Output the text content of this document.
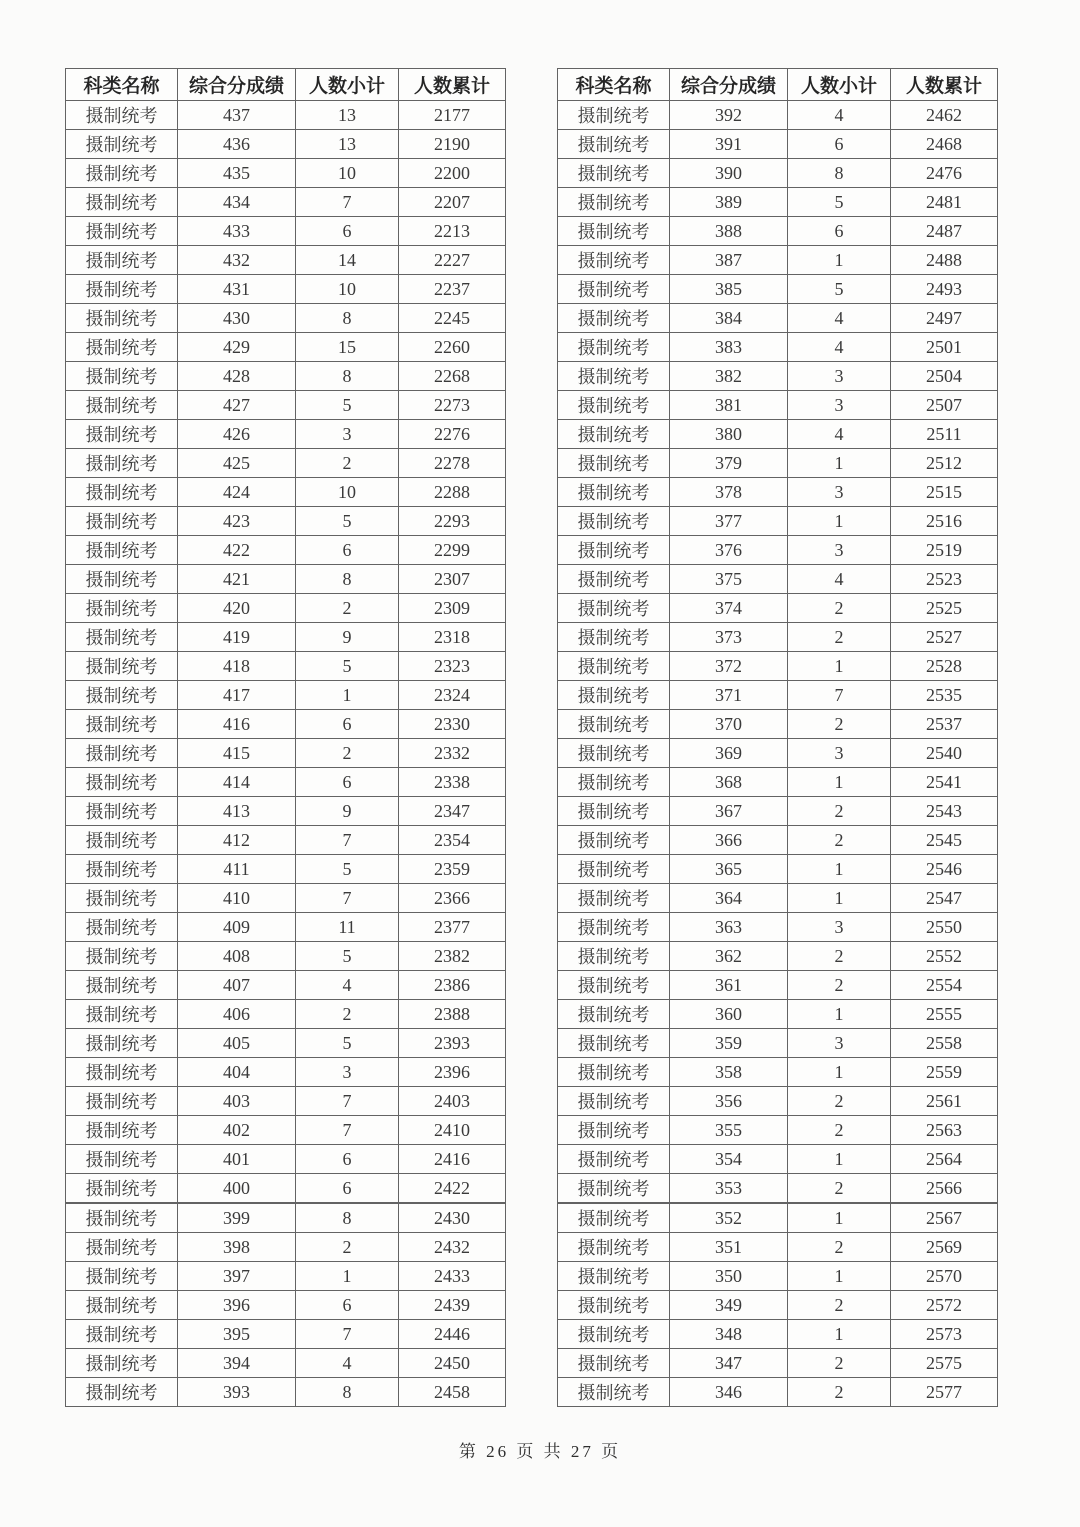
科类名称	综合分成绩	人数小计	人数累计
摄制统考	437	13	2177
摄制统考	436	13	2190
摄制统考	435	10	2200
摄制统考	434	7	2207
摄制统考	433	6	2213
摄制统考	432	14	2227
摄制统考	431	10	2237
摄制统考	430	8	2245
摄制统考	429	15	2260
摄制统考	428	8	2268
摄制统考	427	5	2273
摄制统考	426	3	2276
摄制统考	425	2	2278
摄制统考	424	10	2288
摄制统考	423	5	2293
摄制统考	422	6	2299
摄制统考	421	8	2307
摄制统考	420	2	2309
摄制统考	419	9	2318
摄制统考	418	5	2323
摄制统考	417	1	2324
摄制统考	416	6	2330
摄制统考	415	2	2332
摄制统考	414	6	2338
摄制统考	413	9	2347
摄制统考	412	7	2354
摄制统考	411	5	2359
摄制统考	410	7	2366
摄制统考	409	11	2377
摄制统考	408	5	2382
摄制统考	407	4	2386
摄制统考	406	2	2388
摄制统考	405	5	2393
摄制统考	404	3	2396
摄制统考	403	7	2403
摄制统考	402	7	2410
摄制统考	401	6	2416
摄制统考	400	6	2422
摄制统考	399	8	2430
摄制统考	398	2	2432
摄制统考	397	1	2433
摄制统考	396	6	2439
摄制统考	395	7	2446
摄制统考	394	4	2450
摄制统考	393	8	2458
科类名称	综合分成绩	人数小计	人数累计
摄制统考	392	4	2462
摄制统考	391	6	2468
摄制统考	390	8	2476
摄制统考	389	5	2481
摄制统考	388	6	2487
摄制统考	387	1	2488
摄制统考	385	5	2493
摄制统考	384	4	2497
摄制统考	383	4	2501
摄制统考	382	3	2504
摄制统考	381	3	2507
摄制统考	380	4	2511
摄制统考	379	1	2512
摄制统考	378	3	2515
摄制统考	377	1	2516
摄制统考	376	3	2519
摄制统考	375	4	2523
摄制统考	374	2	2525
摄制统考	373	2	2527
摄制统考	372	1	2528
摄制统考	371	7	2535
摄制统考	370	2	2537
摄制统考	369	3	2540
摄制统考	368	1	2541
摄制统考	367	2	2543
摄制统考	366	2	2545
摄制统考	365	1	2546
摄制统考	364	1	2547
摄制统考	363	3	2550
摄制统考	362	2	2552
摄制统考	361	2	2554
摄制统考	360	1	2555
摄制统考	359	3	2558
摄制统考	358	1	2559
摄制统考	356	2	2561
摄制统考	355	2	2563
摄制统考	354	1	2564
摄制统考	353	2	2566
摄制统考	352	1	2567
摄制统考	351	2	2569
摄制统考	350	1	2570
摄制统考	349	2	2572
摄制统考	348	1	2573
摄制统考	347	2	2575
摄制统考	346	2	2577
第 26 页 共 27 页
